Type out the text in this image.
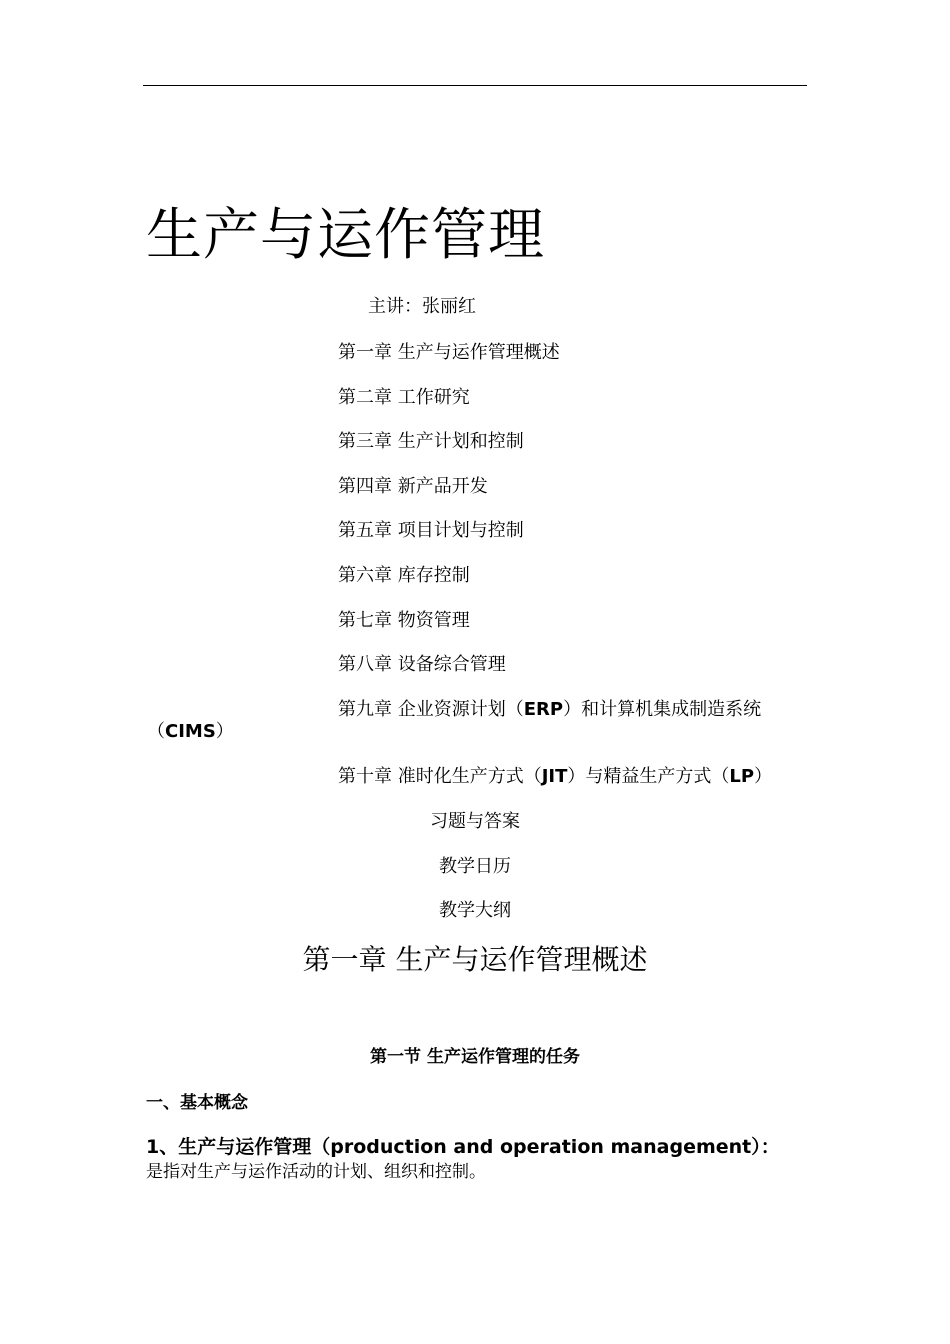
生产与运作管理
主讲：张丽红
第一章 生产与运作管理概述
第二章 工作研究
第三章 生产计划和控制
第四章 新产品开发
第五章 项目计划与控制
第六章 库存控制
第七章 物资管理
第八章 设备综合管理
第九章 企业资源计划（ERP）和计算机集成制造系统
（CIMS）
第十章 准时化生产方式（JIT）与精益生产方式（LP）
习题与答案
教学日历
教学大纲
第一章 生产与运作管理概述
第一节 生产运作管理的任务
一、基本概念
1、生产与运作管理（production and operation management）：
是指对生产与运作活动的计划、组织和控制。
